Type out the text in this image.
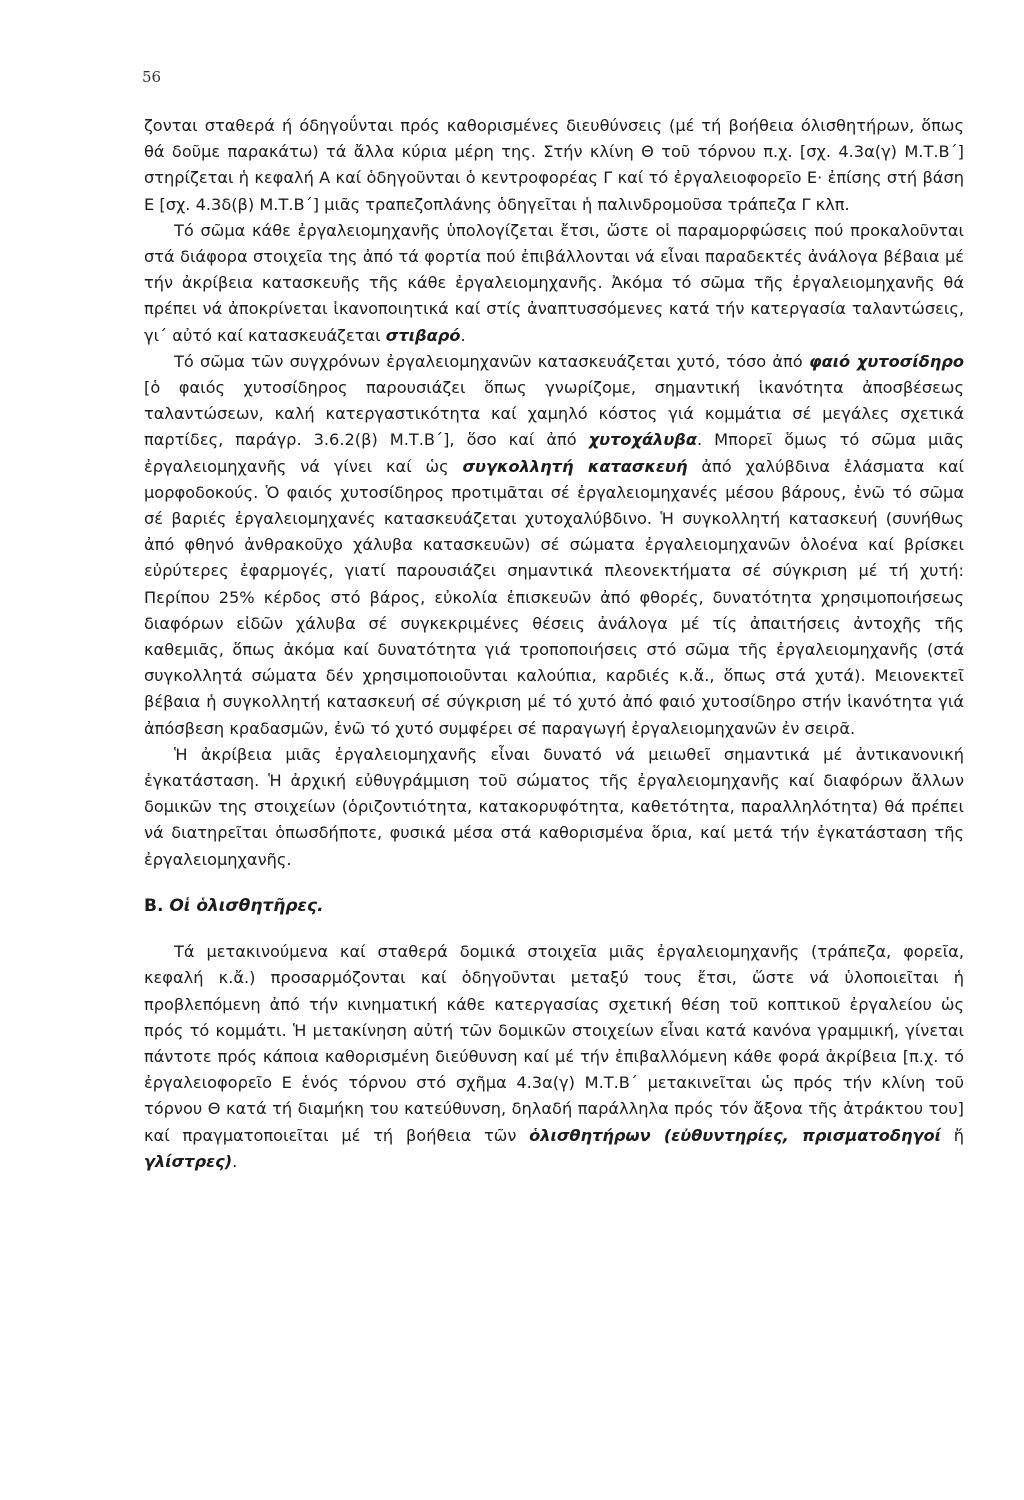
56

ζονται σταθερά ή όδηγοΰνται πρός καθορισμένες διευθύνσεις (μέ τή βοήθεια όλισθητήρων, ὅπως θά δοῦμε παρακάτω) τά ἄλλα κύρια μέρη της. Στήν κλίνη Θ τοῦ τόρνου π.χ. [σχ. 4.3α(γ) Μ.Τ.Β΄] στηρίζεται ἡ κεφαλή Α καί ὁδηγοῦνται ὁ κεντροφορέας Γ καί τό ἐργαλειοφορεῖο Ε· ἐπίσης στή βάση Ε [σχ. 4.3δ(β) Μ.Τ.Β΄] μιᾶς τραπεζοπλάνης ὁδηγεῖται ἡ παλινδρομοῦσα τράπεζα Γ κλπ.

Τό σῶμα κάθε ἐργαλειομηχανῆς ὑπολογίζεται ἔτσι, ὥστε οἱ παραμορφώσεις πού προκαλοῦνται στά διάφορα στοιχεῖα της ἀπό τά φορτία πού ἐπιβάλλονται νά εἶναι παραδεκτές ἀνάλογα βέβαια μέ τήν ἀκρίβεια κατασκευῆς τῆς κάθε ἐργαλειομηχανῆς. Ἀκόμα τό σῶμα τῆς ἐργαλειομηχανῆς θά πρέπει νά ἀποκρίνεται ἱκανοποιητικά καί στίς ἀναπτυσσόμενες κατά τήν κατεργασία ταλαντώσεις, γι΄ αὐτό καί κατασκευάζεται στιβαρό.

Τό σῶμα τῶν συγχρόνων ἐργαλειομηχανῶν κατασκευάζεται χυτό, τόσο ἀπό φαιό χυτοσίδηρο [ὁ φαιός χυτοσίδηρος παρουσιάζει ὅπως γνωρίζομε, σημαντική ἱκανότητα ἀποσβέσεως ταλαντώσεων, καλή κατεργαστικότητα καί χαμηλό κόστος γιά κομμάτια σέ μεγάλες σχετικά παρτίδες, παράγρ. 3.6.2(β) Μ.Τ.Β΄], ὅσο καί ἀπό χυτοχάλυβα. Μπορεῖ ὅμως τό σῶμα μιᾶς ἐργαλειομηχανῆς νά γίνει καί ὡς συγκολλητή κατασκευή ἀπό χαλύβδινα ἐλάσματα καί μορφοδοκούς. Ὁ φαιός χυτοσίδηρος προτιμᾶται σέ ἐργαλειομηχανές μέσου βάρους, ἐνῶ τό σῶμα σέ βαριές ἐργαλειομηχανές κατασκευάζεται χυτοχαλύβδινο. Ἡ συγκολλητή κατασκευή (συνήθως ἀπό φθηνό ἀνθρακοῦχο χάλυβα κατασκευῶν) σέ σώματα ἐργαλειομηχανῶν ὁλοένα καί βρίσκει εὐρύτερες ἐφαρμογές, γιατί παρουσιάζει σημαντικά πλεονεκτήματα σέ σύγκριση μέ τή χυτή: Περίπου 25% κέρδος στό βάρος, εὐκολία ἐπισκευῶν ἀπό φθορές, δυνατότητα χρησιμοποιήσεως διαφόρων εἰδῶν χάλυβα σέ συγκεκριμένες θέσεις ἀνάλογα μέ τίς ἀπαιτήσεις ἀντοχῆς τῆς καθεμιᾶς, ὅπως ἀκόμα καί δυνατότητα γιά τροποποιήσεις στό σῶμα τῆς ἐργαλειομηχανῆς (στά συγκολλητά σώματα δέν χρησιμοποιοῦνται καλούπια, καρδιές κ.ἄ., ὅπως στά χυτά). Μειονεκτεῖ βέβαια ἡ συγκολλητή κατασκευή σέ σύγκριση μέ τό χυτό ἀπό φαιό χυτοσίδηρο στήν ἱκανότητα γιά ἀπόσβεση κραδασμῶν, ἐνῶ τό χυτό συμφέρει σέ παραγωγή ἐργαλειομηχανῶν ἐν σειρᾶ.

Ἡ ἀκρίβεια μιᾶς ἐργαλειομηχανῆς εἶναι δυνατό νά μειωθεῖ σημαντικά μέ ἀντικανονική ἐγκατάσταση. Ἡ ἀρχική εὐθυγράμμιση τοῦ σώματος τῆς ἐργαλειομηχανῆς καί διαφόρων ἄλλων δομικῶν της στοιχείων (ὁριζοντιότητα, κατακορυφότητα, καθετότητα, παραλληλότητα) θά πρέπει νά διατηρεῖται ὁπωσδήποτε, φυσικά μέσα στά καθορισμένα ὅρια, καί μετά τήν ἐγκατάσταση τῆς ἐργαλειομηχανῆς.

Β. Οἱ ὁλισθητῆρες.

Τά μετακινούμενα καί σταθερά δομικά στοιχεῖα μιᾶς ἐργαλειομηχανῆς (τράπεζα, φορεῖα, κεφαλή κ.ἄ.) προσαρμόζονται καί ὁδηγοῦνται μεταξύ τους ἔτσι, ὥστε νά ὑλοποιεῖται ἡ προβλεπόμενη ἀπό τήν κινηματική κάθε κατεργασίας σχετική θέση τοῦ κοπτικοῦ ἐργαλείου ὡς πρός τό κομμάτι. Ἡ μετακίνηση αὐτή τῶν δομικῶν στοιχείων εἶναι κατά κανόνα γραμμική, γίνεται πάντοτε πρός κάποια καθορισμένη διεύθυνση καί μέ τήν ἐπιβαλλόμενη κάθε φορά ἀκρίβεια [π.χ. τό ἐργαλειοφορεῖο Ε ἑνός τόρνου στό σχῆμα 4.3α(γ) Μ.Τ.Β΄ μετακινεῖται ὡς πρός τήν κλίνη τοῦ τόρνου Θ κατά τή διαμήκη του κατεύθυνση, δηλαδή παράλληλα πρός τόν ἄξονα τῆς ἀτράκτου του] καί πραγματοποιεῖται μέ τή βοήθεια τῶν ὁλισθητήρων (εὐθυντηρίες, πρισματοδηγοί ἤ γλίστρες).
